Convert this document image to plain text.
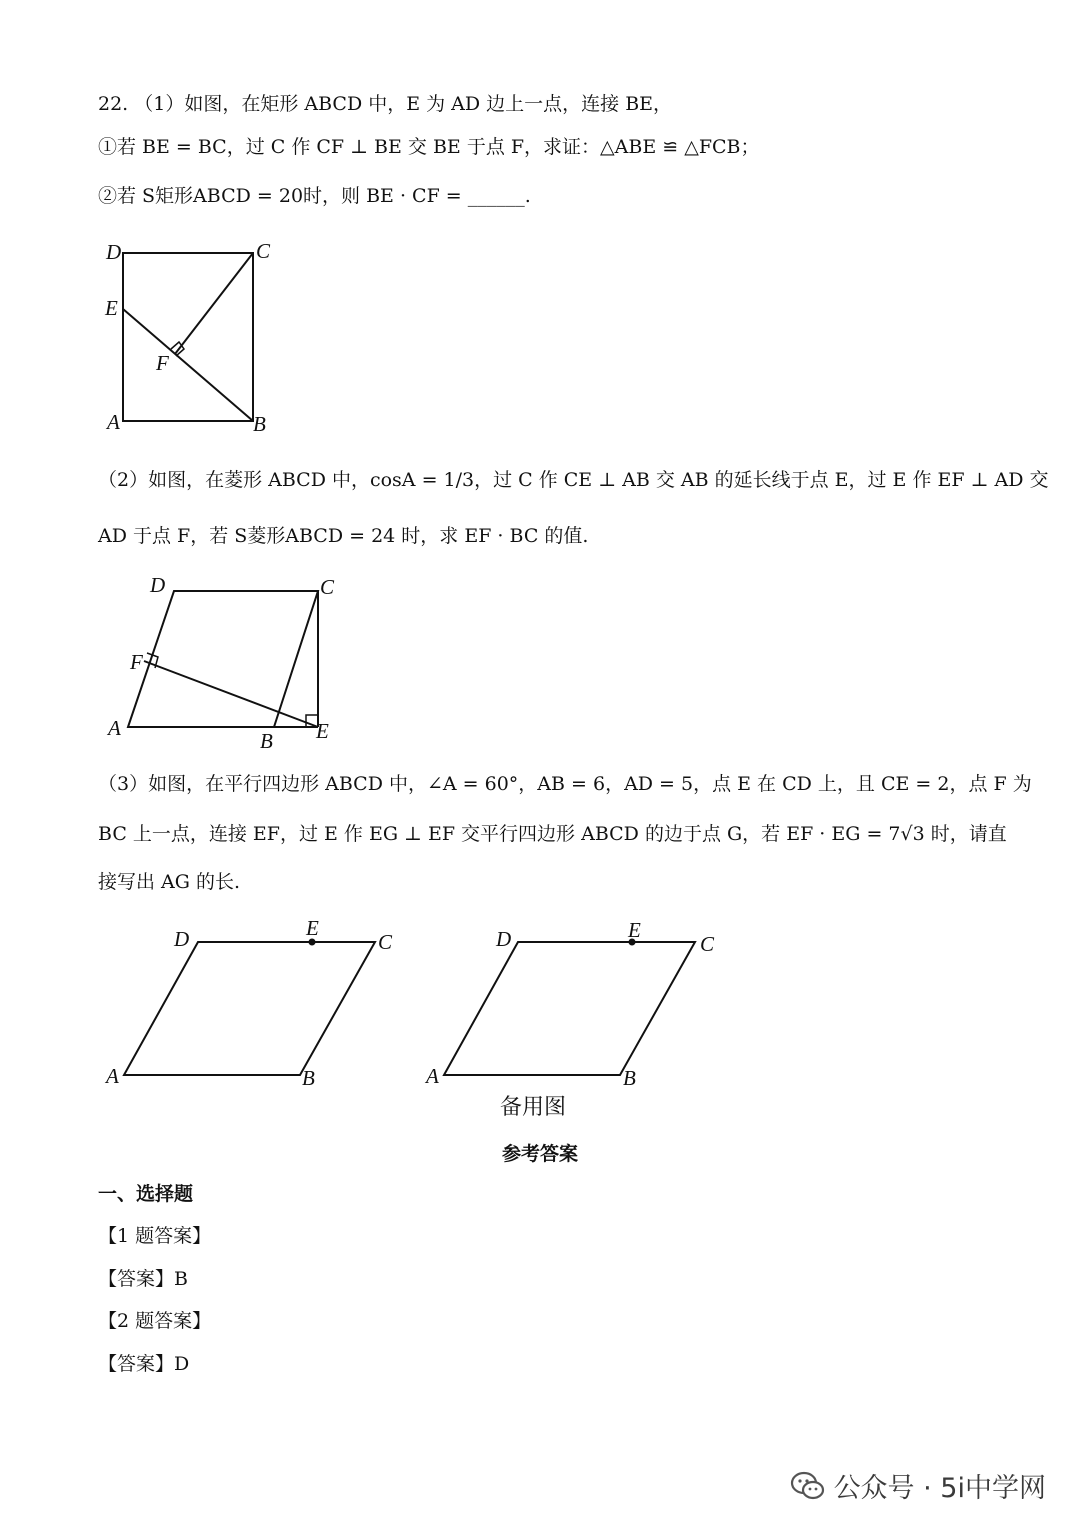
22. （1）如图，在矩形 ABCD 中，E 为 AD 边上一点，连接 BE，
①若 BE = BC，过 C 作 CF ⊥ BE 交 BE 于点 F，求证：△ABE ≌ △FCB；
②若 S矩形ABCD = 20时，则 BE · CF = ______.
D	C
E
F
A	B
（2）如图，在菱形 ABCD 中，cosA = 1/3，过 C 作 CE ⊥ AB 交 AB 的延长线于点 E，过 E 作 EF ⊥ AD 交
AD 于点 F，若 S菱形ABCD = 24 时，求 EF · BC 的值.
D	C
F
A
B E
（3）如图，在平行四边形 ABCD 中，∠A = 60°，AB = 6，AD = 5，点 E 在 CD 上，且 CE = 2，点 F 为
BC 上一点，连接 EF，过 E 作 EG ⊥ EF 交平行四边形 ABCD 的边于点 G，若 EF · EG = 7√3 时，请直
接写出 AG 的长.
D	E
C
A	B
D	E
C
A	B
备用图
参考答案
一、选择题
【1 题答案】
【答案】B
【2 题答案】
【答案】D
公众号 · 5i中学网
